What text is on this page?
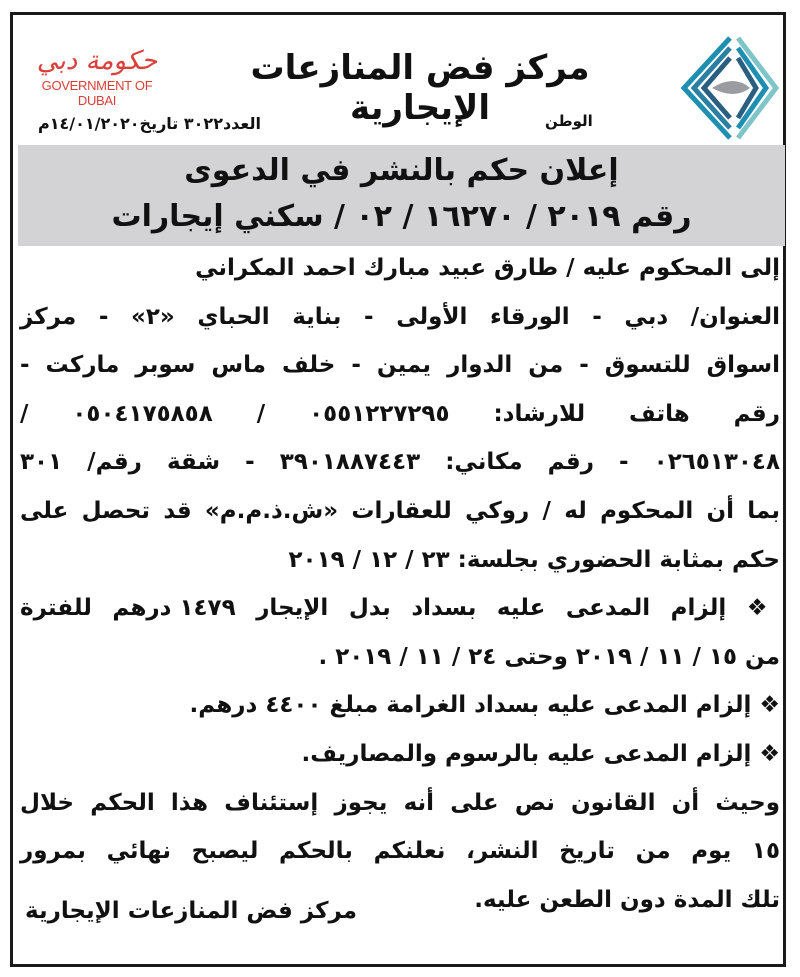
حكومة دبي
GOVERNMENT OF DUBAI
مركز فض المنازعات الإيجارية	الوطن
العدد٣٠٢٢ تاريخ١٤/٠١/٢٠٢٠م
إعلان حكم بالنشر في الدعوى
رقم ٢٠١٩ / ١٦٢٧٠ / ٠٢ / سكني إيجارات
إلى المحكوم عليه / طارق عبيد مبارك احمد المكراني
العنوان/ دبي - الورقاء الأولى - بناية الحباي «٢» - مركز
اسواق للتسوق - من الدوار يمين - خلف ماس سوبر ماركت -
رقم هاتف للارشاد: ٠٥٥١٢٢٧٢٩٥ / ٠٥٠٤١٧٥٨٥٨ /
٠٢٦٥١٣٠٤٨ - رقم مكاني: ٣٩٠١٨٨٧٤٤٣ - شقة رقم/ ٣٠١
بما أن المحكوم له / روكي للعقارات «ش.ذ.م.م» قد تحصل على
حكم بمثابة الحضوري بجلسة: ٢٣ / ١٢ / ٢٠١٩
❖ إلزام المدعى عليه بسداد بدل الإيجار ١٤٧٩ درهم للفترة
من ١٥ / ١١ / ٢٠١٩ وحتى ٢٤ / ١١ / ٢٠١٩ .
❖ إلزام المدعى عليه بسداد الغرامة مبلغ ٤٤٠٠ درهم.
❖ إلزام المدعى عليه بالرسوم والمصاريف.
وحيث أن القانون نص على أنه يجوز إستئناف هذا الحكم خلال
١٥ يوم من تاريخ النشر، نعلنكم بالحكم ليصبح نهائي بمرور
تلك المدة دون الطعن عليه.
مركز فض المنازعات الإيجارية
